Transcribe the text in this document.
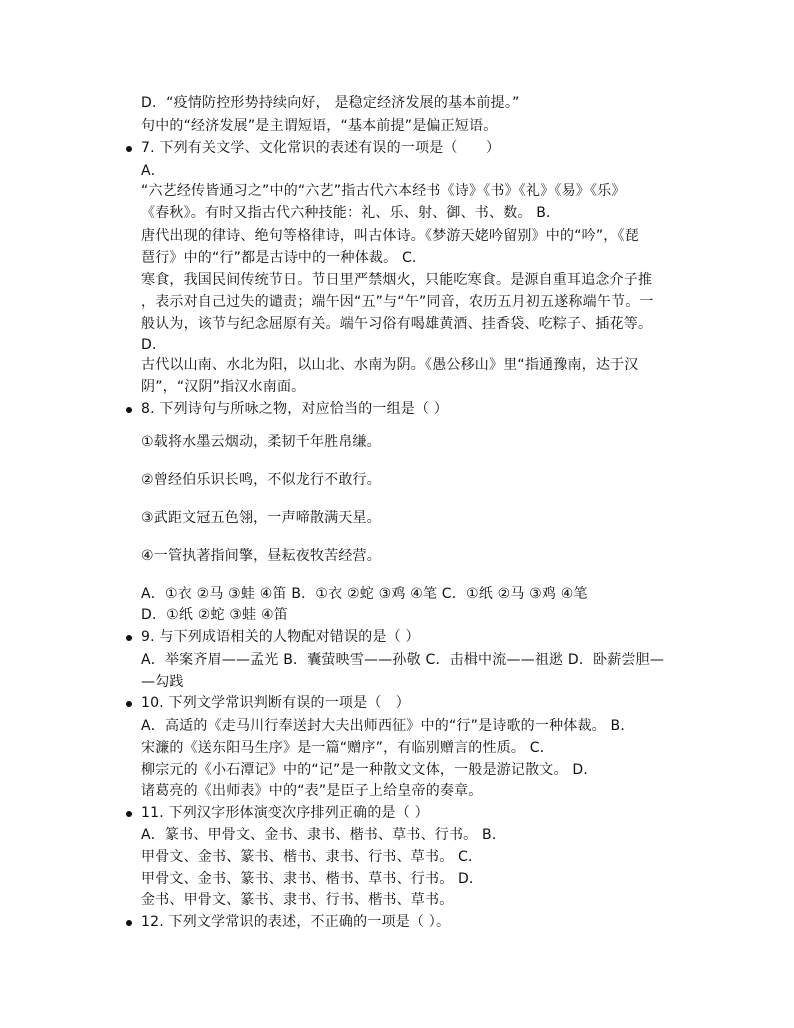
D．“疫情防控形势持续向好， 是稳定经济发展的基本前提。”
句中的“经济发展”是主谓短语，“基本前提”是偏正短语。
7. 下列有关文学、文化常识的表述有误的一项是（　　）
A．
“六艺经传皆通习之”中的“六艺”指古代六本经书《诗》《书》《礼》《易》《乐》
《春秋》。有时又指古代六种技能：礼、乐、射、御、书、数。 B．
唐代出现的律诗、绝句等格律诗，叫古体诗。《梦游天姥吟留别》中的“吟”，《琵
琶行》中的“行”都是古诗中的一种体裁。 C．
寒食，我国民间传统节日。节日里严禁烟火，只能吃寒食。是源自重耳追念介子推
，表示对自己过失的谴责；端午因“五”与“午”同音，农历五月初五遂称端午节。一
般认为，该节与纪念屈原有关。端午习俗有喝雄黄酒、挂香袋、吃粽子、插花等。
D．
古代以山南、水北为阳，以山北、水南为阴。《愚公移山》里“指通豫南，达于汉
阴”，“汉阴”指汉水南面。
8. 下列诗句与所咏之物，对应恰当的一组是（ ）
①载将水墨云烟动，柔韧千年胜帛缣。
②曾经伯乐识长鸣，不似龙行不敢行。
③武距文冠五色翎，一声啼散满天星。
④一管执著指间擎，昼耘夜牧苦经营。
A．①衣 ②马 ③蛙 ④笛 B．①衣 ②蛇 ③鸡 ④笔 C．①纸 ②马 ③鸡 ④笔
D．①纸 ②蛇 ③蛙 ④笛
9. 与下列成语相关的人物配对错误的是（ ）
A．举案齐眉——孟光 B．囊萤映雪——孙敬 C．击楫中流——祖逖 D．卧薪尝胆—
—勾践
10. 下列文学常识判断有误的一项是（　）
A．高适的《走马川行奉送封大夫出师西征》中的“行”是诗歌的一种体裁。 B．
宋濂的《送东阳马生序》是一篇“赠序”，有临别赠言的性质。 C．
柳宗元的《小石潭记》中的“记”是一种散文文体，一般是游记散文。 D．
诸葛亮的《出师表》中的“表”是臣子上给皇帝的奏章。
11. 下列汉字形体演变次序排列正确的是（ ）
A．篆书、甲骨文、金书、隶书、楷书、草书、行书。 B．
甲骨文、金书、篆书、楷书、隶书、行书、草书。 C．
甲骨文、金书、篆书、隶书、楷书、草书、行书。 D．
金书、甲骨文、篆书、隶书、行书、楷书、草书。
12. 下列文学常识的表述，不正确的一项是（ ）。
